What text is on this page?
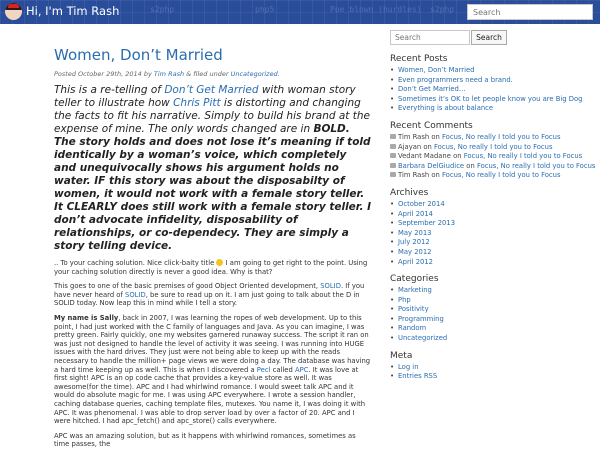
s2php	php5	Poe blown (hurdles) s2php
Hi, I'm Tim Rash
Search
Women, Don’t Married
Posted October 29th, 2014 by Tim Rash & filed under Uncategorized.

This is a re-telling of Don’t Get Married with woman story teller to illustrate how Chris Pitt is distorting and changing the facts to fit his narrative. Simply to build his brand at the expense of mine. The only words changed are in BOLD. The story holds and does not lose it’s meaning if told identically by a woman’s voice, which completely and unequivocally shows his argument holds no water. IF this story was about the disposabilty of women, it would not work with a female story teller. It CLEARLY does still work with a female story teller. I don’t advocate infidelity, disposability of relationships, or co-dependecy. They are simply a story telling device.

.. To your caching solution. Nice click-baity title  I am going to get right to the point. Using your caching solution directly is never a good idea. Why is that?

This goes to one of the basic premises of good Object Oriented development, SOLID. If you have never heard of SOLID, be sure to read up on it. I am just going to talk about the D in SOLID today. Now leap this in mind while I tell a story.

My name is Sally, back in 2007, I was learning the ropes of web development. Up to this point, I had just worked with the C family of languages and Java. As you can imagine, I was pretty green. Fairly quickly, one my websites garnered runaway success. The script it ran on was just not designed to handle the level of activity it was seeing. I was running into HUGE issues with the hard drives. They just were not being able to keep up with the reads necessary to handle the million+ page views we were doing a day. The database was having a hard time keeping up as well. This is when I discovered a Pecl called APC. It was love at first sight! APC is an op code cache that provides a key-value store as well. It was awesome(for the time). APC and I had whirlwind romance. I would sweet talk APC and it would do absolute magic for me. I was using APC everywhere. I wrote a session handler, caching database queries, caching template files, mutexes. You name it, I was doing it with APC. It was phenomenal. I was able to drop server load by over a factor of 20. APC and I were hitched. I had apc_fetch() and apc_store() calls everywhere.

APC was an amazing solution, but as it happens with whirlwind romances, sometimes as time passes, the

Search
Search
Recent Posts
• Women, Don’t Married
• Even programmers need a brand.
• Don’t Get Married…
• Sometimes it’s OK to let people know you are Big Dog
• Everything is about balance
Recent Comments
Tim Rash on Focus, No really I told you to Focus
Ajayan on Focus, No really I told you to Focus
Vedant Madane on Focus, No really I told you to Focus
Barbara DelGiudice on Focus, No really I told you to Focus
Tim Rash on Focus, No really I told you to Focus
Archives
• October 2014
• April 2014
• September 2013
• May 2013
• July 2012
• May 2012
• April 2012
Categories
• Marketing
• Php
• Positivity
• Programming
• Random
• Uncategorized
Meta
• Log in
• Entries RSS
